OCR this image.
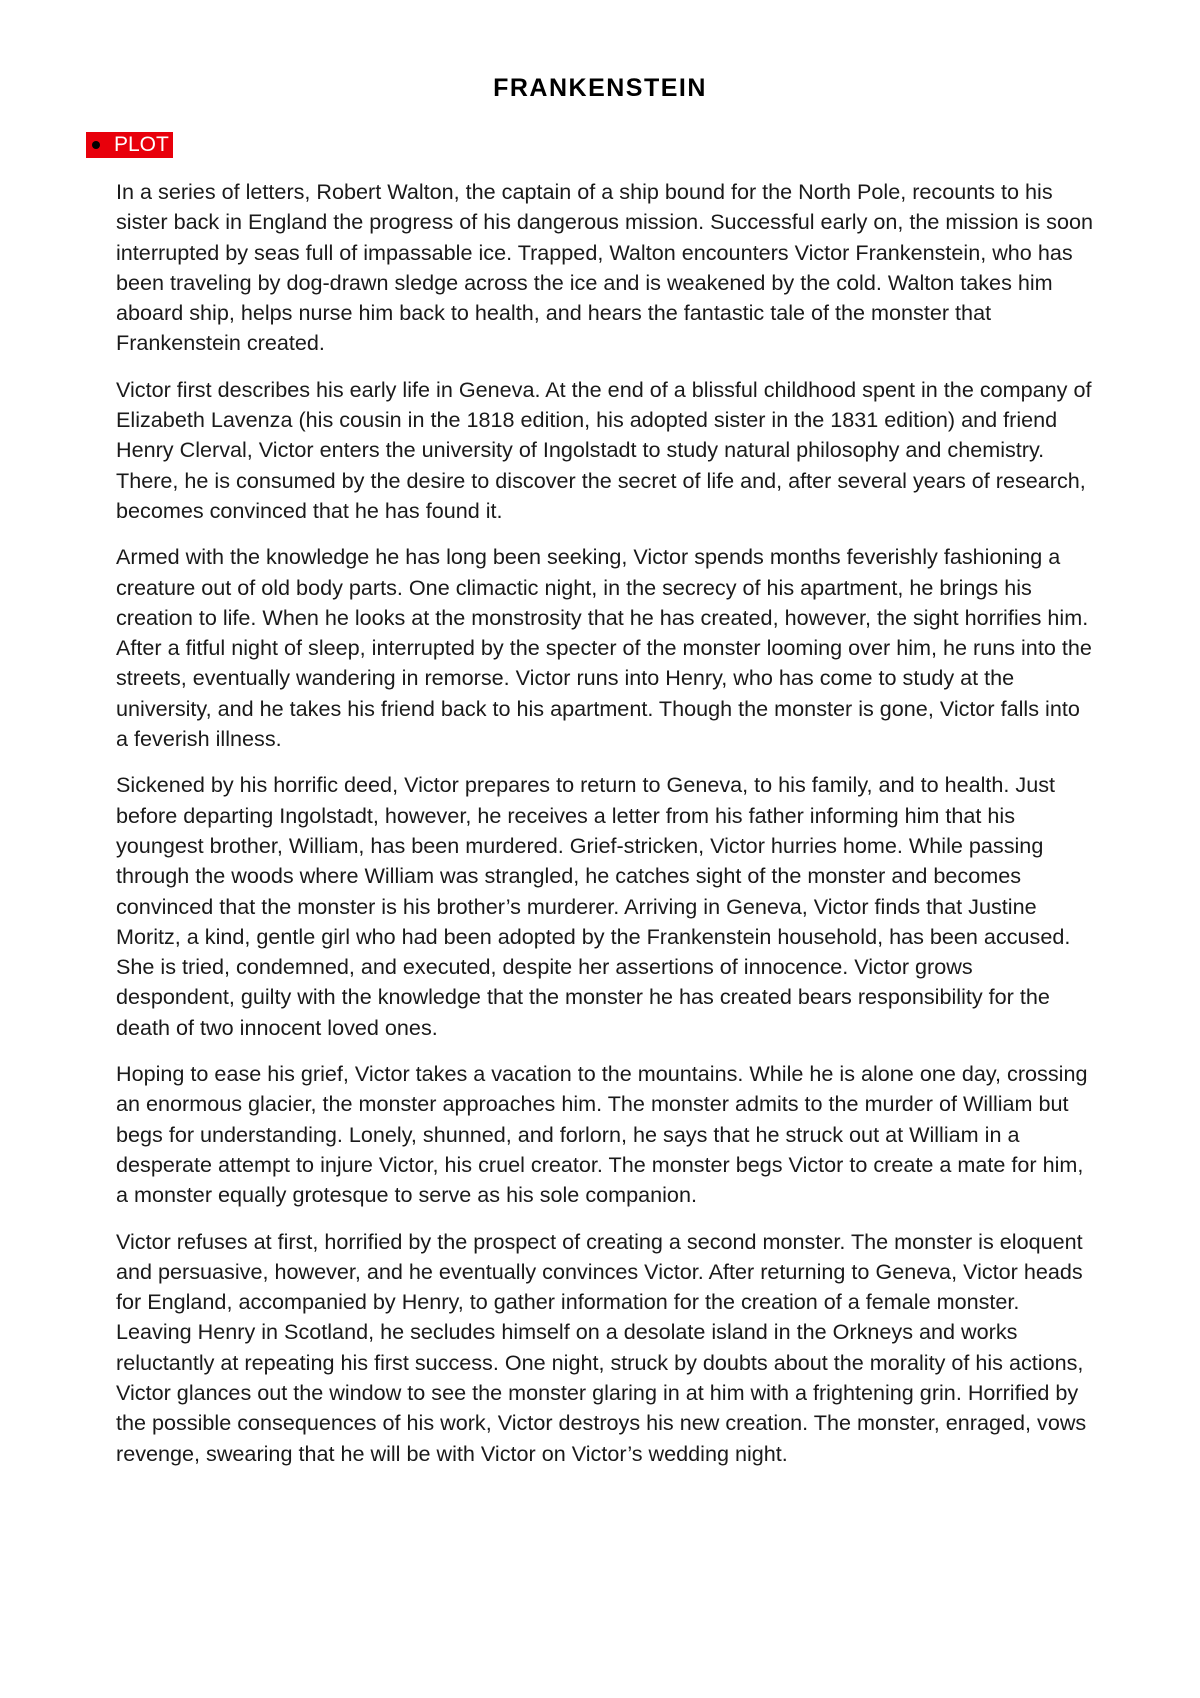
FRANKENSTEIN
PLOT

In a series of letters, Robert Walton, the captain of a ship bound for the North Pole, recounts to his sister back in England the progress of his dangerous mission. Successful early on, the mission is soon interrupted by seas full of impassable ice. Trapped, Walton encounters Victor Frankenstein, who has been traveling by dog-drawn sledge across the ice and is weakened by the cold. Walton takes him aboard ship, helps nurse him back to health, and hears the fantastic tale of the monster that Frankenstein created.

Victor first describes his early life in Geneva. At the end of a blissful childhood spent in the company of Elizabeth Lavenza (his cousin in the 1818 edition, his adopted sister in the 1831 edition) and friend Henry Clerval, Victor enters the university of Ingolstadt to study natural philosophy and chemistry. There, he is consumed by the desire to discover the secret of life and, after several years of research, becomes convinced that he has found it.

Armed with the knowledge he has long been seeking, Victor spends months feverishly fashioning a creature out of old body parts. One climactic night, in the secrecy of his apartment, he brings his creation to life. When he looks at the monstrosity that he has created, however, the sight horrifies him. After a fitful night of sleep, interrupted by the specter of the monster looming over him, he runs into the streets, eventually wandering in remorse. Victor runs into Henry, who has come to study at the university, and he takes his friend back to his apartment. Though the monster is gone, Victor falls into a feverish illness.

Sickened by his horrific deed, Victor prepares to return to Geneva, to his family, and to health. Just before departing Ingolstadt, however, he receives a letter from his father informing him that his youngest brother, William, has been murdered. Grief-stricken, Victor hurries home. While passing through the woods where William was strangled, he catches sight of the monster and becomes convinced that the monster is his brother’s murderer. Arriving in Geneva, Victor finds that Justine Moritz, a kind, gentle girl who had been adopted by the Frankenstein household, has been accused. She is tried, condemned, and executed, despite her assertions of innocence. Victor grows despondent, guilty with the knowledge that the monster he has created bears responsibility for the death of two innocent loved ones.

Hoping to ease his grief, Victor takes a vacation to the mountains. While he is alone one day, crossing an enormous glacier, the monster approaches him. The monster admits to the murder of William but begs for understanding. Lonely, shunned, and forlorn, he says that he struck out at William in a desperate attempt to injure Victor, his cruel creator. The monster begs Victor to create a mate for him, a monster equally grotesque to serve as his sole companion.

Victor refuses at first, horrified by the prospect of creating a second monster. The monster is eloquent and persuasive, however, and he eventually convinces Victor. After returning to Geneva, Victor heads for England, accompanied by Henry, to gather information for the creation of a female monster. Leaving Henry in Scotland, he secludes himself on a desolate island in the Orkneys and works reluctantly at repeating his first success. One night, struck by doubts about the morality of his actions, Victor glances out the window to see the monster glaring in at him with a frightening grin. Horrified by the possible consequences of his work, Victor destroys his new creation. The monster, enraged, vows revenge, swearing that he will be with Victor on Victor’s wedding night.
